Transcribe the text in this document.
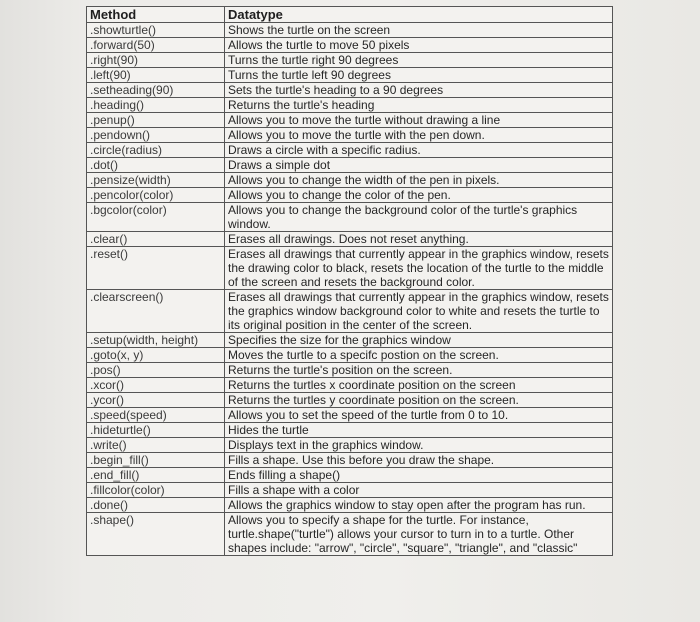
Method	Datatype
.showturtle()	Shows the turtle on the screen
.forward(50)	Allows the turtle to move 50 pixels
.right(90)	Turns the turtle right 90 degrees
.left(90)	Turns the turtle left 90 degrees
.setheading(90)	Sets the turtle's heading to a 90 degrees
.heading()	Returns the turtle's heading
.penup()	Allows you to move the turtle without drawing a line
.pendown()	Allows you to move the turtle with the pen down.
.circle(radius)	Draws a circle with a specific radius.
.dot()	Draws a simple dot
.pensize(width)	Allows you to change the width of the pen in pixels.
.pencolor(color)	Allows you to change the color of the pen.
.bgcolor(color)	Allows you to change the background color of the turtle's graphics window.
.clear()	Erases all drawings. Does not reset anything.
.reset()	Erases all drawings that currently appear in the graphics window, resets the drawing color to black, resets the location of the turtle to the middle of the screen and resets the background color.
.clearscreen()	Erases all drawings that currently appear in the graphics window, resets the graphics window background color to white and resets the turtle to its original position in the center of the screen.
.setup(width, height)	Specifies the size for the graphics window
.goto(x, y)	Moves the turtle to a specifc postion on the screen.
.pos()	Returns the turtle's position on the screen.
.xcor()	Returns the turtles x coordinate position on the screen
.ycor()	Returns the turtles y coordinate position on the screen.
.speed(speed)	Allows you to set the speed of the turtle from 0 to 10.
.hideturtle()	Hides the turtle
.write()	Displays text in the graphics window.
.begin_fill()	Fills a shape. Use this before you draw the shape.
.end_fill()	Ends filling a shape()
.fillcolor(color)	Fills a shape with a color
.done()	Allows the graphics window to stay open after the program has run.
.shape()	Allows you to specify a shape for the turtle. For instance, turtle.shape("turtle") allows your cursor to turn in to a turtle. Other shapes include: "arrow", "circle", "square", "triangle", and "classic"
